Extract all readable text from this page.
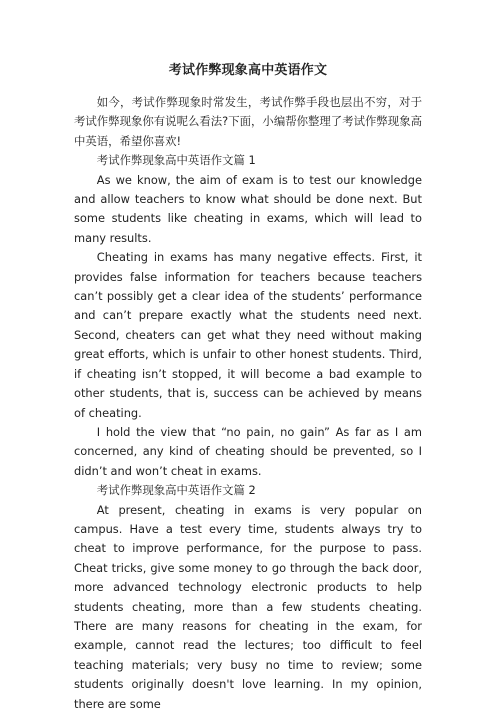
考试作弊现象高中英语作文

如今，考试作弊现象时常发生，考试作弊手段也层出不穷，对于考试作弊现象你有说呢么看法?下面，小编帮你整理了考试作弊现象高中英语，希望你喜欢!

考试作弊现象高中英语作文篇 1

As we know, the aim of exam is to test our knowledge and allow teachers to know what should be done next. But some students like cheating in exams, which will lead to many results.

Cheating in exams has many negative effects. First, it provides false information for teachers because teachers can’t possibly get a clear idea of the students’ performance and can’t prepare exactly what the students need next. Second, cheaters can get what they need without making great efforts, which is unfair to other honest students. Third, if cheating isn’t stopped, it will become a bad example to other students, that is, success can be achieved by means of cheating.

I hold the view that “no pain, no gain” As far as I am concerned, any kind of cheating should be prevented, so I didn’t and won’t cheat in exams.

考试作弊现象高中英语作文篇 2

At present, cheating in exams is very popular on campus. Have a test every time, students always try to cheat to improve performance, for the purpose to pass. Cheat tricks, give some money to go through the back door, more advanced technology electronic products to help students cheating, more than a few students cheating. There are many reasons for cheating in the exam, for example, cannot read the lectures; too difficult to feel teaching materials; very busy no time to review; some students originally doesn't love learning. In my opinion, there are some
